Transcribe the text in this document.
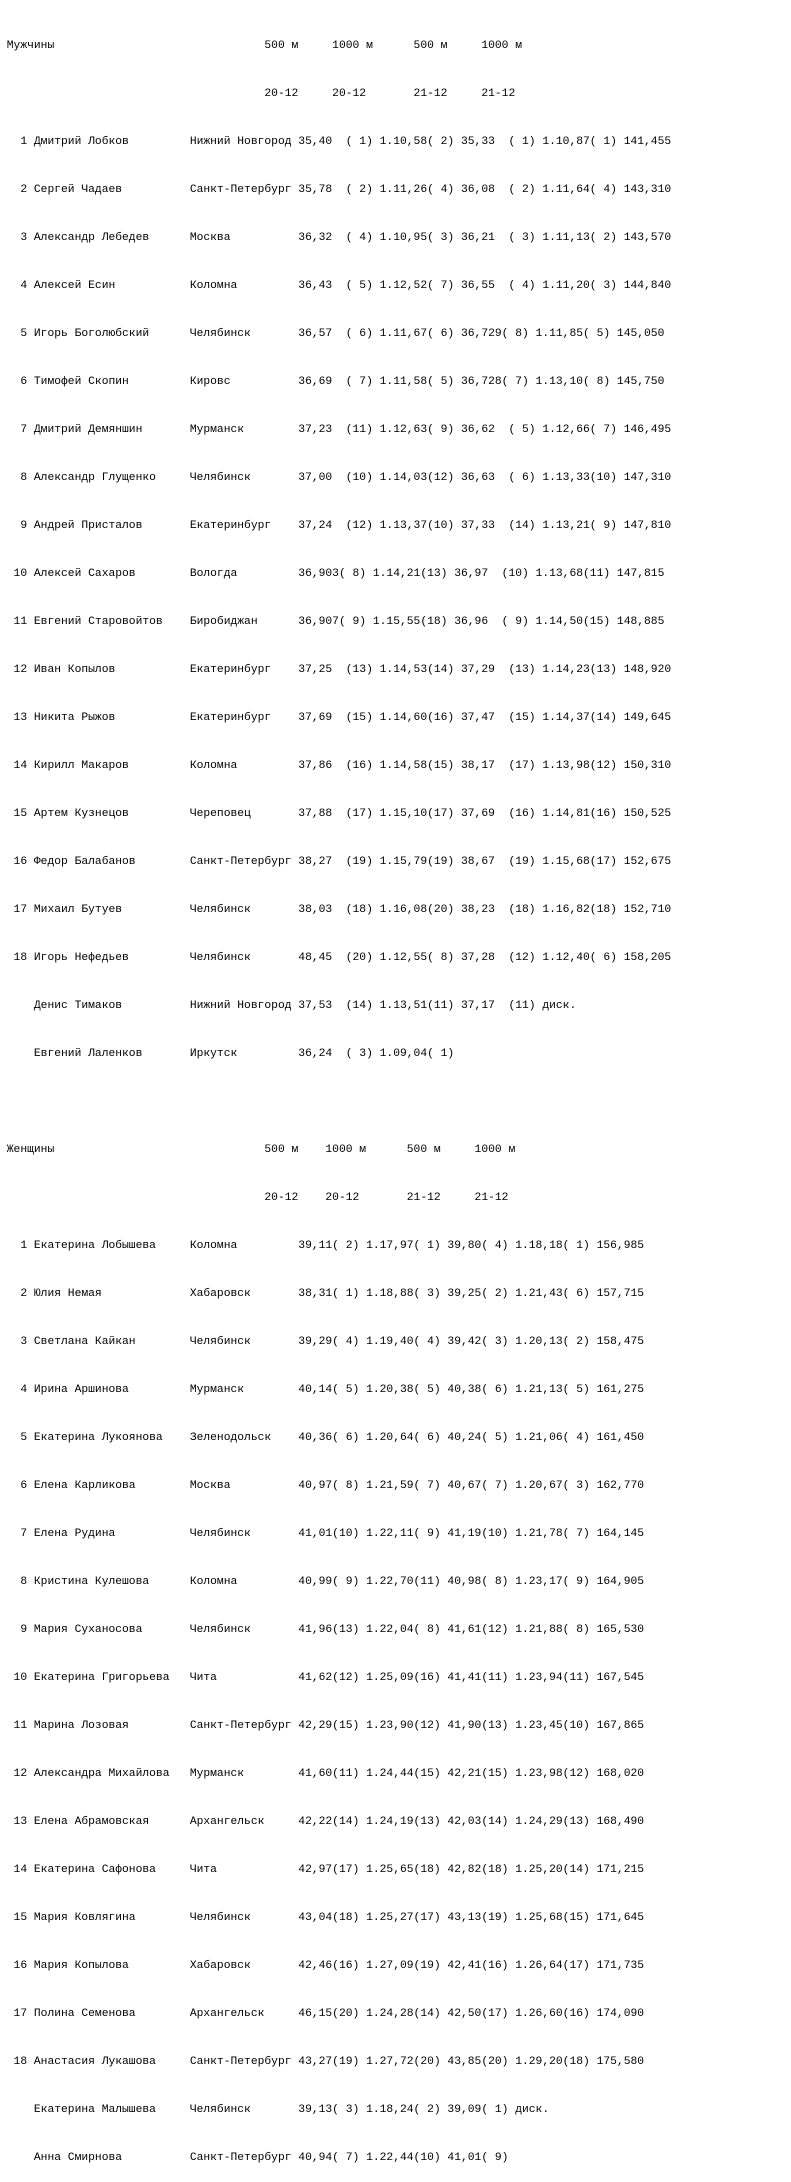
Мужчины                               500 м     1000 м      500 м     1000 м

20-12     20-12       21-12     21-12

1 Дмитрий Лобков         Нижний Новгород 35,40  ( 1) 1.10,58( 2) 35,33  ( 1) 1.10,87( 1) 141,455

2 Сергей Чадаев          Санкт-Петербург 35,78  ( 2) 1.11,26( 4) 36,08  ( 2) 1.11,64( 4) 143,310

3 Александр Лебедев      Москва          36,32  ( 4) 1.10,95( 3) 36,21  ( 3) 1.11,13( 2) 143,570

4 Алексей Есин           Коломна         36,43  ( 5) 1.12,52( 7) 36,55  ( 4) 1.11,20( 3) 144,840

5 Игорь Боголюбский      Челябинск       36,57  ( 6) 1.11,67( 6) 36,729( 8) 1.11,85( 5) 145,050

6 Тимофей Скопин         Кировс          36,69  ( 7) 1.11,58( 5) 36,728( 7) 1.13,10( 8) 145,750

7 Дмитрий Демяншин       Мурманск        37,23  (11) 1.12,63( 9) 36,62  ( 5) 1.12,66( 7) 146,495

8 Александр Глущенко     Челябинск       37,00  (10) 1.14,03(12) 36,63  ( 6) 1.13,33(10) 147,310

9 Андрей Присталов       Екатеринбург    37,24  (12) 1.13,37(10) 37,33  (14) 1.13,21( 9) 147,810

10 Алексей Сахаров        Вологда         36,903( 8) 1.14,21(13) 36,97  (10) 1.13,68(11) 147,815

11 Евгений Старовойтов    Биробиджан      36,907( 9) 1.15,55(18) 36,96  ( 9) 1.14,50(15) 148,885

12 Иван Копылов           Екатеринбург    37,25  (13) 1.14,53(14) 37,29  (13) 1.14,23(13) 148,920

13 Никита Рыжов           Екатеринбург    37,69  (15) 1.14,60(16) 37,47  (15) 1.14,37(14) 149,645

14 Кирилл Макаров         Коломна         37,86  (16) 1.14,58(15) 38,17  (17) 1.13,98(12) 150,310

15 Артем Кузнецов         Череповец       37,88  (17) 1.15,10(17) 37,69  (16) 1.14,81(16) 150,525

16 Федор Балабанов        Санкт-Петербург 38,27  (19) 1.15,79(19) 38,67  (19) 1.15,68(17) 152,675

17 Михаил Бутуев          Челябинск       38,03  (18) 1.16,08(20) 38,23  (18) 1.16,82(18) 152,710

18 Игорь Нефедьев         Челябинск       48,45  (20) 1.12,55( 8) 37,28  (12) 1.12,40( 6) 158,205

Денис Тимаков          Нижний Новгород 37,53  (14) 1.13,51(11) 37,17  (11) диск.

Евгений Лаленков       Иркутск         36,24  ( 3) 1.09,04( 1)

Женщины                               500 м    1000 м      500 м     1000 м

20-12    20-12       21-12     21-12

1 Екатерина Лобышева     Коломна         39,11( 2) 1.17,97( 1) 39,80( 4) 1.18,18( 1) 156,985

2 Юлия Немая             Хабаровск       38,31( 1) 1.18,88( 3) 39,25( 2) 1.21,43( 6) 157,715

3 Светлана Кайкан        Челябинск       39,29( 4) 1.19,40( 4) 39,42( 3) 1.20,13( 2) 158,475

4 Ирина Аршинова         Мурманск        40,14( 5) 1.20,38( 5) 40,38( 6) 1.21,13( 5) 161,275

5 Екатерина Лукоянова    Зеленодольск    40,36( 6) 1.20,64( 6) 40,24( 5) 1.21,06( 4) 161,450

6 Елена Карликова        Москва          40,97( 8) 1.21,59( 7) 40,67( 7) 1.20,67( 3) 162,770

7 Елена Рудина           Челябинск       41,01(10) 1.22,11( 9) 41,19(10) 1.21,78( 7) 164,145

8 Кристина Кулешова      Коломна         40,99( 9) 1.22,70(11) 40,98( 8) 1.23,17( 9) 164,905

9 Мария Суханосова       Челябинск       41,96(13) 1.22,04( 8) 41,61(12) 1.21,88( 8) 165,530

10 Екатерина Григорьева   Чита            41,62(12) 1.25,09(16) 41,41(11) 1.23,94(11) 167,545

11 Марина Лозовая         Санкт-Петербург 42,29(15) 1.23,90(12) 41,90(13) 1.23,45(10) 167,865

12 Александра Михайлова   Мурманск        41,60(11) 1.24,44(15) 42,21(15) 1.23,98(12) 168,020

13 Елена Абрамовская      Архангельск     42,22(14) 1.24,19(13) 42,03(14) 1.24,29(13) 168,490

14 Екатерина Сафонова     Чита            42,97(17) 1.25,65(18) 42,82(18) 1.25,20(14) 171,215

15 Мария Ковлягина        Челябинск       43,04(18) 1.25,27(17) 43,13(19) 1.25,68(15) 171,645

16 Мария Копылова         Хабаровск       42,46(16) 1.27,09(19) 42,41(16) 1.26,64(17) 171,735

17 Полина Семенова        Архангельск     46,15(20) 1.24,28(14) 42,50(17) 1.26,60(16) 174,090

18 Анастасия Лукашова     Санкт-Петербург 43,27(19) 1.27,72(20) 43,85(20) 1.29,20(18) 175,580

Екатерина Малышева     Челябинск       39,13( 3) 1.18,24( 2) 39,09( 1) диск.

Анна Смирнова          Санкт-Петербург 40,94( 7) 1.22,44(10) 41,01( 9)
